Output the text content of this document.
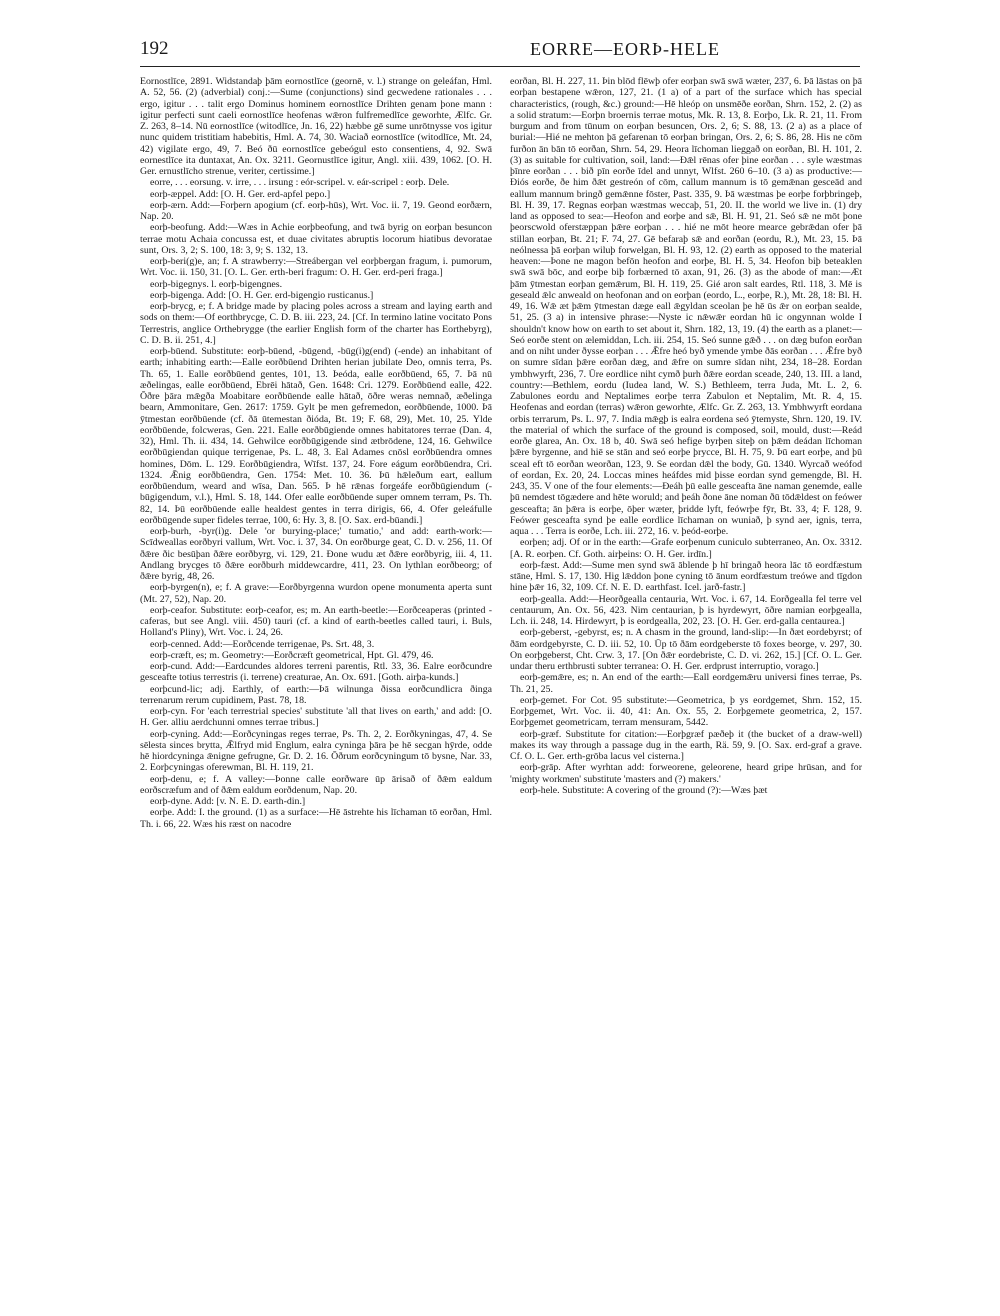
192	EORRE—EORÞ-HELE

Eornostlīce, 2891. Widstandaþ þām eornostlīce (geornē, v. l.) strange on geleáfan, Hml. A. 52, 56. (2) (adverbial) conj.:—Sume (conjunctions) sind gecwedene rationales . . . ergo, igitur . . . talit ergo Dominus hominem eornostlīce Drihten genam þone mann : igitur perfecti sunt caeli eornostlīce heofenas wǣron fulfremedlīce geworhte, Ælfc. Gr. Z. 263, 8–14. Nū eornostlīce (witodlīce, Jn. 16, 22) hæbbe gē sume unrōtnysse vos igitur nunc quidem tristitiam habebitis, Hml. A. 74, 30. Waciað eornostlīce (witodlīce, Mt. 24, 42) vigilate ergo, 49, 7. Beó ðū eornostlīce gebeógul esto consentiens, 4, 92. Swā eornestlīce ita duntaxat, An. Ox. 3211. Geornustlīce igitur, Angl. xiii. 439, 1062. [O. H. Ger. ernustlīcho strenue, veriter, certissime.]

eorre, . . . eorsung. v. irre, . . . irsung : eór-scripel. v. eár-scripel : eorþ. Dele.

eorþ-æppel. Add: [O. H. Ger. erd-apfel pepo.]

eorþ-ærn. Add:—Forþern apogium (cf. eorþ-hūs), Wrt. Voc. ii. 7, 19. Geond eorðærn, Nap. 20.

eorþ-beofung. Add:—Wæs in Achie eorþbeofung, and twā byrig on eorþan besuncon terrae motu Achaia concussa est, et duae civitates abruptis locorum hiatibus devoratae sunt, Ors. 3, 2; S. 100, 18: 3, 9; S. 132, 13.

eorþ-beri(g)e, an; f. A strawberry:—Streábergan vel eorþbergan fragum, i. pumorum, Wrt. Voc. ii. 150, 31. [O. L. Ger. erth-beri fragum: O. H. Ger. erd-peri fraga.]

eorþ-bigegnys. l. eorþ-bigengnes.

eorþ-bigenga. Add: [O. H. Ger. erd-bigengio rusticanus.]

eorþ-brycg, e; f. A bridge made by placing poles across a stream and laying earth and sods on them:—Of eorthbrycge, C. D. B. iii. 223, 24. [Cf. In termino latine vocitato Pons Terrestris, anglice Orthebrygge (the earlier English form of the charter has Eorthebyrg), C. D. B. ii. 251, 4.]

eorþ-būend. Substitute: eorþ-būend, -būgend, -būg(i)g(end) (-ende) an inhabitant of earth; inhabiting earth:—Ealle eorðbūend Drihten herian jubilate Deo, omnis terra, Ps. Th. 65, 1. Ealle eorðbūend gentes, 101, 13. Þeóda, ealle eorðbūend, 65, 7. Þā nū æðelingas, ealle eorðbūend, Ebrēi hātað, Gen. 1648: Cri. 1279. Eorðbūend ealle, 422. Ōðre þāra mǣgða Moabitare eorðbūende ealle hātað, ōðre weras nemnað, æðelinga bearn, Ammonitare, Gen. 2617: 1759. Gylt þe men gefremedon, eorðbūende, 1000. Þā ȳtmestan eorðbūende (cf. ðā ūtemestan ðióda, Bt. 19; F. 68, 29), Met. 10, 25. Ylde eorðbūende, folcweras, Gen. 221. Ealle eorðbūgiende omnes habitatores terrae (Dan. 4, 32), Hml. Th. ii. 434, 14. Gehwilce eorðbūgigende sind ætbrōdene, 124, 16. Gehwilce eorðbūgiendan quique terrigenae, Ps. L. 48, 3. Eal Adames cnōsl eorðbūendra omnes homines, Dōm. L. 129. Eorðbūgiendra, Wīfst. 137, 24. Fore eágum eorðbūendra, Cri. 1324. Ǣnig eorðbūendra, Gen. 1754: Met. 10. 36. Þū hǣleðum eart, eallum eorðbūendum, weard and wīsa, Dan. 565. Þ hē rǣnas forgeáfe eorðbūgiendum (-būgigendum, v.l.), Hml. S. 18, 144. Ofer ealle eorðbūende super omnem terram, Ps. Th. 82, 14. Þū eorðbūende ealle healdest gentes in terra dirigis, 66, 4. Ofer geleáfulle eorðbūgende super fideles terrae, 100, 6: Hy. 3, 8. [O. Sax. erd-būandi.]

eorþ-burh, -byr(i)g. Dele 'or burying-place;' tumatio,' and add: earth-work:—Scīdweallas eorðbyri vallum, Wrt. Voc. i. 37, 34. On eorðburge geat, C. D. v. 256, 11. Of ðǣre ðic besūþan ðǣre eorðbyrg, vi. 129, 21. Ðone wudu æt ðǣre eorðbyrig, iii. 4, 11. Andlang brycges tō ðǣre eorðburh middewcardre, 411, 23. On lythlan eorðbeorg; of ðǣre byrig, 48, 26.

eorþ-byrgen(n), e; f. A grave:—Eorðbyrgenna wurdon opene monumenta aperta sunt (Mt. 27, 52), Nap. 20.

eorþ-ceafor. Substitute: eorþ-ceafor, es; m. An earth-beetle:—Eorðceaperas (printed -caferas, but see Angl. viii. 450) tauri (cf. a kind of earth-beetles called tauri, i. Buls, Holland's Pliny), Wrt. Voc. i. 24, 26.

eorþ-cenned. Add:—Eorðcende terrigenae, Ps. Srt. 48, 3.

eorþ-cræft, es; m. Geometry:—Eorðcræft geometrical, Hpt. Gl. 479, 46.

eorþ-cund. Add:—Eardcundes aldores terreni parentis, Rtl. 33, 36. Ealre eorðcundre gesceafte totius terrestris (i. terrene) creaturae, An. Ox. 691. [Goth. airþa-kunds.]

eorþcund-lic; adj. Earthly, of earth:—Þā wilnunga ðissa eorðcundlicra ðinga terrenarum rerum cupidinem, Past. 78, 18.

eorþ-cyn. For 'each terrestrial species' substitute 'all that lives on earth,' and add: [O. H. Ger. alliu aerdchunni omnes terrae tribus.]

eorþ-cyning. Add:—Eorðcyningas reges terrae, Ps. Th. 2, 2. Eorðkyningas, 47, 4. Se sēlesta sinces brytta, Ǣlfryd mid Englum, ealra cyninga þāra þe hē secgan hȳrde, odde hē hiordcyninga ǣnigne gefrugne, Gr. D. 2. 16. Ōðrum eorðcyningum tō bysne, Nar. 33, 2. Eorþcyningas oferewman, Bl. H. 119, 21.

eorþ-denu, e; f. A valley:—Þonne calle eorðware ūp ārisað of ðǣm ealdum eorðscræfum and of ðǣm ealdum eorðdenum, Nap. 20.

eorþ-dyne. Add: [v. N. E. D. earth-din.]

eorþe. Add: I. the ground. (1) as a surface:—Hē āstrehte his līchaman tō eorðan, Hml. Th. i. 66, 22. Wæs his ræst on nacodre

eorðan, Bl. H. 227, 11. Þin blōd flēwþ ofer eorþan swā swā wæter, 237, 6. Þā lāstas on þā eorþan bestapene wǣron, 127, 21. (1 a) of a part of the surface which has special characteristics, (rough, &c.) ground:—Hē hleóp on unsmēðe eorðan, Shrn. 152, 2. (2) as a solid stratum:—Eorþn broernis terrae motus, Mk. R. 13, 8. Eorþo, Lk. R. 21, 11. From burgum and from tūnum on eorþan besuncen, Ors. 2, 6; S. 88, 13. (2 a) as a place of burial:—Hié ne mehton þā gefarenan tō eorþan bringan, Ors. 2, 6; S. 86, 28. His ne cōm furðon ān bān tō eorðan, Shrn. 54, 29. Heora līchoman lieggað on eorðan, Bl. H. 101, 2. (3) as suitable for cultivation, soil, land:—Ðǣl rēnas ofer þine eorðan . . . syle wæstmas þīnre eorðan . . . bið pīn eorðe īdel and unnyt, Wlfst. 260 6–10. (3 a) as productive:—Ðiós eorðe, ðe him ðǣt gestreón of cōm, callum mannum is tō gemǣnan gesceād and eallum mannum bringð gemǣnne fōster, Past. 335, 9. Þā wæstmas þe eorþe forþbringeþ, Bl. H. 39, 17. Regnas eorþan wæstmas weccaþ, 51, 20. II. the world we live in. (1) dry land as opposed to sea:—Heofon and eorþe and sǣ, Bl. H. 91, 21. Seó sǣ ne mōt þone þeorscwold oferstæppan þǣre eorþan . . . hié ne mōt heore mearce gebrǣdan ofer þā stillan eorþan, Bt. 21; F. 74, 27. Gē befaraþ sǣ and eorðan (eordu, R.), Mt. 23, 15. Þā neólnessa þā eorþan wiluþ forwelgan, Bl. H. 93, 12. (2) earth as opposed to the material heaven:—Þone ne magon befōn heofon and eorþe, Bl. H. 5, 34. Heofon biþ beteaklen swā swā bōc, and eorþe biþ forbærned tō axan, 91, 26. (3) as the abode of man:—Æt þām ȳtmestan eorþan gemǣrum, Bl. H. 119, 25. Gié aron salt eardes, Rtl. 118, 3. Mē is geseald ǣlc anweald on heofonan and on eorþan (eordo, L., eorþe, R.), Mt. 28, 18: Bl. H. 49, 16. Wǣ æt þǣm ȳtmestan dæge eall ǣgyldan sceolan þe hē ūs ǣr on eorþan sealde, 51, 25. (3 a) in intensive phrase:—Nyste ic nǣwǣr eordan hū ic ongynnan wolde I shouldn't know how on earth to set about it, Shrn. 182, 13, 19. (4) the earth as a planet:—Seó eorðe stent on ælemiddan, Lch. iii. 254, 15. Seó sunne gǣð . . . on dæg bufon eorðan and on niht under ðysse eorþan . . . Ǣfre heó byð ymende ymbe ðās eorðan . . . Ǣfre byð on sumre sīdan þǣre eorðan dæg, and ǣfre on sumre sīdan niht, 234, 18–28. Eordan ymbhwyrft, 236, 7. Ūre eordlice niht cymð þurh ðǣre eordan sceade, 240, 13. III. a land, country:—Bethlem, eordu (Iudea land, W. S.) Bethleem, terra Juda, Mt. L. 2, 6. Zabulones eordu and Neptalimes eorþe terra Zabulon et Neptalim, Mt. R. 4, 15. Heofenas and eordan (terras) wǣron geworhte, Ælfc. Gr. Z. 263, 13. Ymbhwyrft eordana orbis terrarum, Ps. L. 97, 7. India mǣgþ is ealra eordena seó ȳtemyste, Shrn. 120, 19. IV. the material of which the surface of the ground is composed, soil, mould, dust:—Reád eorðe glarea, An. Ox. 18 b, 40. Swā seó hefige byrþen siteþ on þǣm deádan līchoman þǣre byrgenne, and hiē se stān and seó eorþe þrycce, Bl. H. 75, 9. Þū eart eorþe, and þū sceal eft tō eorðan weorðan, 123, 9. Se eordan dǣl the body, Gū. 1340. Wyrcað weófod of eordan, Ex. 20, 24. Loccas mines heáfdes mid þisse eordan synd gemengde, Bl. H. 243, 35. V one of the four elements:—Ðeáh þū ealle gesceafta āne naman genemde, ealle þū nemdest tōgædere and hēte woruld; and þeáh ðone āne noman ðū tōdǣldest on feówer gesceafta; ān þǣra is eorþe, ōþer wæter, þridde lyft, feówrþe fȳr, Bt. 33, 4; F. 128, 9. Feówer gesceafta synd þe ealle eordlice līchaman on wuniað, þ synd aer, ignis, terra, aqua . . . Terra is eorðe, Lch. iii. 272, 16. v. þeód-eorþe.

eorþen; adj. Of or in the earth:—Grafe eorþenum cuniculo subterraneo, An. Ox. 3312. [A. R. eorþen. Cf. Goth. airþeins: O. H. Ger. irdīn.]

eorþ-fæst. Add:—Sume men synd swā āblende þ hī bringað heora lāc tō eordfæstum stāne, Hml. S. 17, 130. Hig lǣddon þone cyning tō ānum eordfæstum treówe and tīgdon hine þǣr 16, 32, 109. Cf. N. E. D. earthfast. Icel. jarð-fastr.]

eorþ-gealla. Add:—Heorðgealla centauria, Wrt. Voc. i. 67, 14. Eorðgealla fel terre vel centaurum, An. Ox. 56, 423. Nim centaurian, þ is hyrdewyrt, ōðre namian eorþgealla, Lch. ii. 248, 14. Hirdewyrt, þ is eordgealla, 202, 23. [O. H. Ger. erd-galla centaurea.]

eorþ-geberst, -gebyrst, es; n. A chasm in the ground, land-slip:—In ðæt eordebyrst; of ðām eordgebyrste, C. D. iii. 52, 10. Ūp tō ðām eordgeberste tō foxes beorge, v. 297, 30. On eorþgeberst, Cht. Crw. 3, 17. [On ðǣr eordebriste, C. D. vi. 262, 15.] [Cf. O. L. Ger. undar theru erthbrusti subter terranea: O. H. Ger. erdprust interruptio, vorago.]

eorþ-gemǣre, es; n. An end of the earth:—Eall eordgemǣru universi fines terrae, Ps. Th. 21, 25.

eorþ-gemet. For Cot. 95 substitute:—Geometrica, þ ys eordgemet, Shrn. 152, 15. Eorþgemet, Wrt. Voc. ii. 40, 41: An. Ox. 55, 2. Eorþgemete geometrica, 2, 157. Eorþgemet geometricam, terram mensuram, 5442.

eorþ-græf. Substitute for citation:—Eorþgræf pæðeþ it (the bucket of a draw-well) makes its way through a passage dug in the earth, Rä. 59, 9. [O. Sax. erd-graf a grave. Cf. O. L. Ger. erth-grōba lacus vel cisterna.]

eorþ-grāp. After wyrhtan add: forweorene, geleorene, heard gripe hrūsan, and for 'mighty workmen' substitute 'masters and (?) makers.'

eorþ-hele. Substitute: A covering of the ground (?):—Wæs þæt
